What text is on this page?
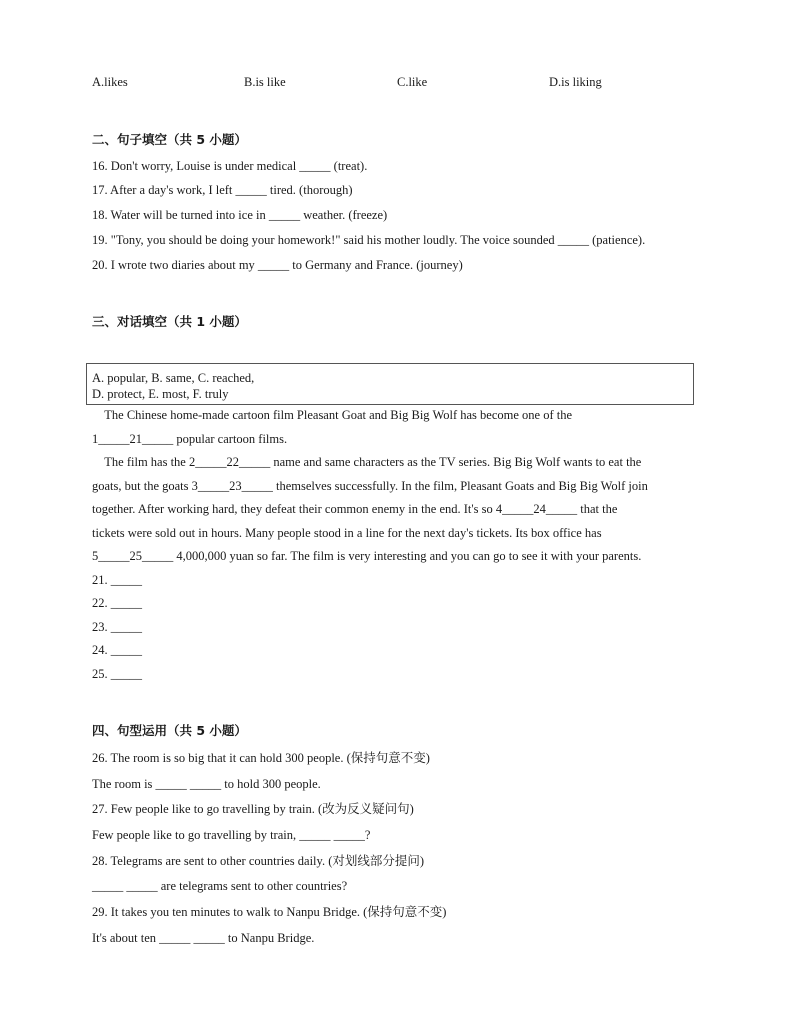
A.likes	B.is like	C.like	D.is liking
二、句子填空（共 5 小题）
16. Don't worry, Louise is under medical _____ (treat).
17. After a day's work, I left _____ tired. (thorough)
18. Water will be turned into ice in _____ weather. (freeze)
19. "Tony, you should be doing your homework!" said his mother loudly. The voice sounded _____ (patience).
20. I wrote two diaries about my _____ to Germany and France. (journey)
三、对话填空（共 1 小题）
A. popular, B. same, C. reached,
D. protect, E. most, F. truly
The Chinese home-made cartoon film Pleasant Goat and Big Big Wolf has become one of the
1_____21_____ popular cartoon films.
The film has the 2_____22_____ name and same characters as the TV series. Big Big Wolf wants to eat the
goats, but the goats 3_____23_____ themselves successfully. In the film, Pleasant Goats and Big Big Wolf join
together. After working hard, they defeat their common enemy in the end. It's so 4_____24_____ that the
tickets were sold out in hours. Many people stood in a line for the next day's tickets. Its box office has
5_____25_____ 4,000,000 yuan so far. The film is very interesting and you can go to see it with your parents.
21. _____
22. _____
23. _____
24. _____
25. _____
四、句型运用（共 5 小题）
26. The room is so big that it can hold 300 people. (保持句意不变)
The room is _____ _____ to hold 300 people.
27. Few people like to go travelling by train. (改为反义疑问句)
Few people like to go travelling by train, _____ _____?
28. Telegrams are sent to other countries daily. (对划线部分提问)
_____ _____ are telegrams sent to other countries?
29. It takes you ten minutes to walk to Nanpu Bridge. (保持句意不变)
It's about ten _____ _____ to Nanpu Bridge.
